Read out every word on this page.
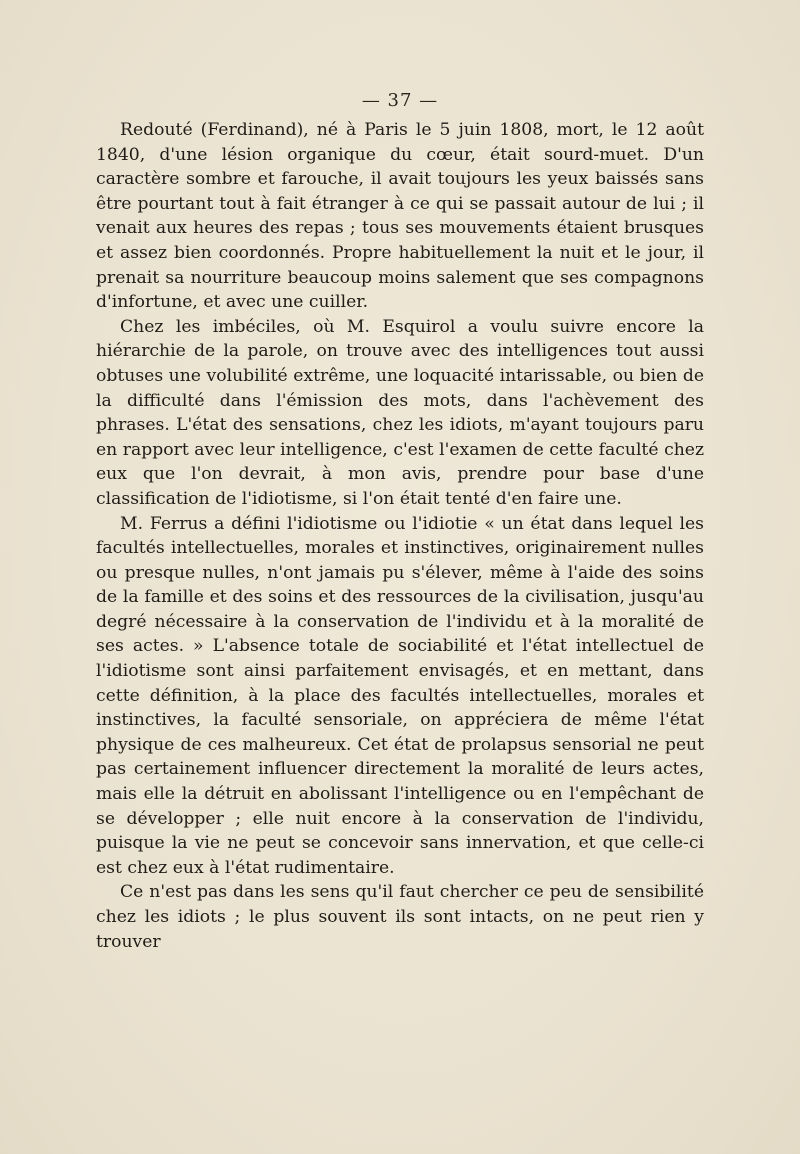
— 37 —

Redouté (Ferdinand), né à Paris le 5 juin 1808, mort, le 12 août 1840, d'une lésion organique du cœur, était sourd-muet. D'un caractère sombre et farouche, il avait toujours les yeux baissés sans être pourtant tout à fait étranger à ce qui se passait autour de lui ; il venait aux heures des repas ; tous ses mouvements étaient brusques et assez bien coordonnés. Propre habituellement la nuit et le jour, il prenait sa nourriture beaucoup moins salement que ses compagnons d'infortune, et avec une cuiller.

Chez les imbéciles, où M. Esquirol a voulu suivre encore la hiérarchie de la parole, on trouve avec des intelligences tout aussi obtuses une volubilité extrême, une loquacité intarissable, ou bien de la difficulté dans l'émission des mots, dans l'achèvement des phrases. L'état des sensations, chez les idiots, m'ayant toujours paru en rapport avec leur intelligence, c'est l'examen de cette faculté chez eux que l'on devrait, à mon avis, prendre pour base d'une classification de l'idiotisme, si l'on était tenté d'en faire une.

M. Ferrus a défini l'idiotisme ou l'idiotie « un état dans lequel les facultés intellectuelles, morales et instinctives, originairement nulles ou presque nulles, n'ont jamais pu s'élever, même à l'aide des soins de la famille et des soins et des ressources de la civilisation, jusqu'au degré nécessaire à la conservation de l'individu et à la moralité de ses actes. » L'absence totale de sociabilité et l'état intellectuel de l'idiotisme sont ainsi parfaitement envisagés, et en mettant, dans cette définition, à la place des facultés intellectuelles, morales et instinctives, la faculté sensoriale, on appréciera de même l'état physique de ces malheureux. Cet état de prolapsus sensorial ne peut pas certainement influencer directement la moralité de leurs actes, mais elle la détruit en abolissant l'intelligence ou en l'empêchant de se développer ; elle nuit encore à la conservation de l'individu, puisque la vie ne peut se concevoir sans innervation, et que celle-ci est chez eux à l'état rudimentaire.

Ce n'est pas dans les sens qu'il faut chercher ce peu de sensibilité chez les idiots ; le plus souvent ils sont intacts, on ne peut rien y trouver
